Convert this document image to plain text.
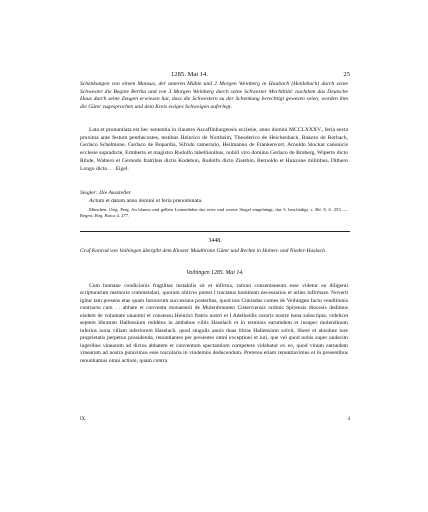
1285. Mai 14.	25

Schenkungen von einem Mansus, der unteren Mühle und 2 Morgen Weinberg in Haubach (Heidebach) durch seine Schwester die Begine Bertha und von 3 Morgen Weinberg durch seine Schwester Mechthild: nachdem das Deutsche Haus durch seine Zeugen erwiesen hat, dass die Schwestern zu der Schenkung berechtigt gewesen seien, worden ihm die Güter zugesprochen und dem Kreis ewiges Schweigen auferlegt.

Lata et pronuntiata est hec sententia in claustro Ascaffinburgensis ecclesie, anno domini MCCLXXXV., feria sexta proxima ante festum penthecostes, testibus Heinrico de Northeim, Theoderico de Heichenbach, Rukero de Rorbach, Gerlaco Schelmone, Gerlaco de Bopardia, Sifrido camerario, Heilmanno de Frankenvort, Arnoldo Stockar canonicis ecclesie supradicte, Ermberto et magistro Rudolfo tabellionibus, nobili viro domino Gerlaco de Bruberg, Wiperto dicto Rihde, Waltero et Gernodo fratribus dictis Kodebun, Rudolfo dicto Zisethin, Bernoldo et Hunzone militibus, Dithero Longo dicto. . . Eigel.

Siegler: Die Aussteller.

Actum et datum anno domini et feria prenominata.

München. Orig. Perg. An blauen und gelben Leinenfäden das erste und zweite Siegel eingehängt, das 3. beschädigt, s. Bd. 8, S. 253. — Regest: Reg. Boica 4, 277.

3448.

Graf Konrad von Vaihingen übergibt dem Kloster Maulbronn Güter und Rechte in Hohen- und Nieder-Haslach.

Vaihingen 1285. Mai 14.

Cum humane condicionis fragilitas instabilis sit et infirma, rationi consentaneum esse videtur ea diligenti scripturarum memorie commendari, quorum oblivio potest ǁ tractatus hominum necessarios et utiles infirmare. Noverit igitur tam presens etas quam futurorum successura posteritas, quod nos Cunradus comes de Veihingen facto venditionis contractu cum . . abbate et conventu monasterii de Mulenbrunnen Cisterciensis ordinis Spirensis diocesis dedimus eisdem de voluntate unanimi et consensu Heinrici fratris nostri et ǁ Adelheidis sororis nostre bona subscripta, videlicet septem libratum Hallensium redditus in ambabus villis Haselach et in terminis earumdem et insuper molendinum inferius iuxta villam inferiorem Haselach, quod singulis annis duas libras Hallensium solvit, libere et absolute iure proprietatis perpetuo possidenda, renuntiantes per presentes omni exceptioni et iuri, que vel quod nobis super undecim iugeribus vinearum ad dictos abbatem et conventum spectantium competere videbatur ex eo, quod vinum earundem vinearum ad nostra putavimus esse torcularia in vindemiis deducendum. Preterea etiam renuntiavimus et in presentibus renuntiamus omni actioni, quam contra

IX.	4
